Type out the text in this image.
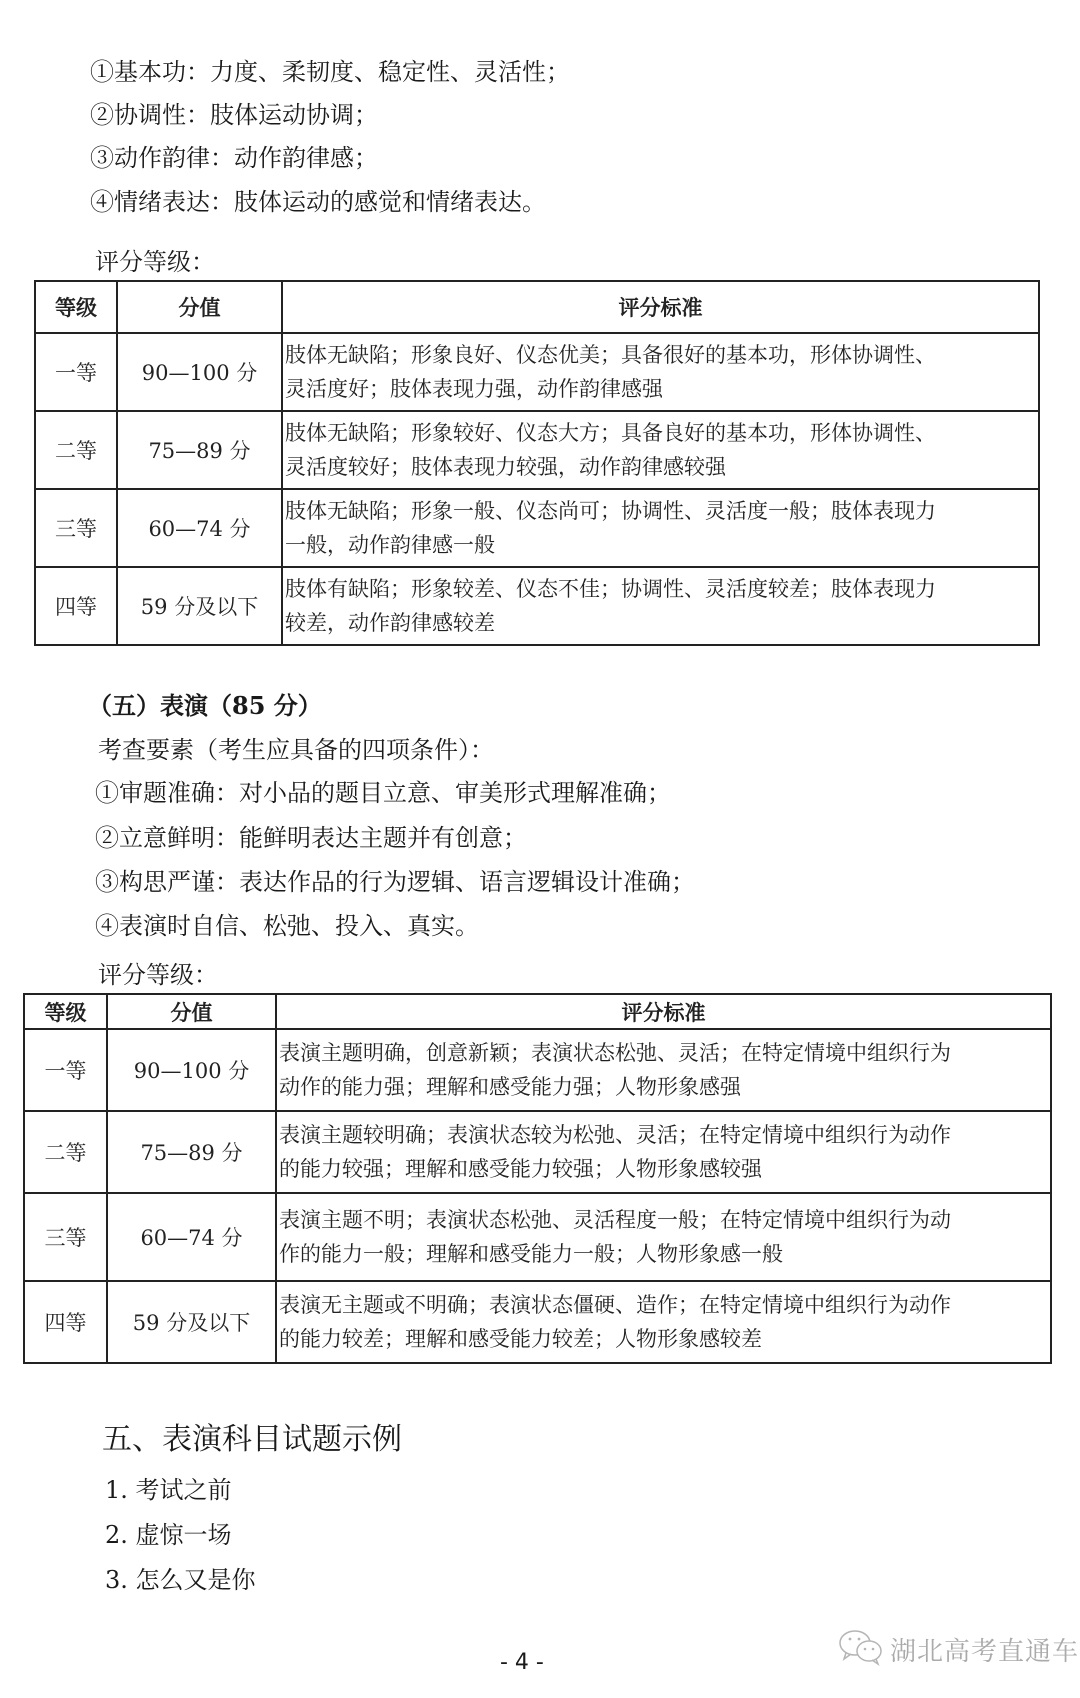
①基本功：力度、柔韧度、稳定性、灵活性；
②协调性：肢体运动协调；
③动作韵律：动作韵律感；
④情绪表达：肢体运动的感觉和情绪表达。
评分等级：
等级	分值	评分标准
一等	90—100 分	肢体无缺陷；形象良好、仪态优美；具备很好的基本功，形体协调性、
灵活度好；肢体表现力强，动作韵律感强
二等	75—89 分	肢体无缺陷；形象较好、仪态大方；具备良好的基本功，形体协调性、
灵活度较好；肢体表现力较强，动作韵律感较强
三等	60—74 分	肢体无缺陷；形象一般、仪态尚可；协调性、灵活度一般；肢体表现力
一般，动作韵律感一般
四等	59 分及以下	肢体有缺陷；形象较差、仪态不佳；协调性、灵活度较差；肢体表现力
较差，动作韵律感较差
（五）表演（85 分）
考查要素（考生应具备的四项条件）：
①审题准确：对小品的题目立意、审美形式理解准确；
②立意鲜明：能鲜明表达主题并有创意；
③构思严谨：表达作品的行为逻辑、语言逻辑设计准确；
④表演时自信、松弛、投入、真实。
评分等级：
等级	分值	评分标准
一等	90—100 分	表演主题明确，创意新颖；表演状态松弛、灵活；在特定情境中组织行为
动作的能力强；理解和感受能力强；人物形象感强
二等	75—89 分	表演主题较明确；表演状态较为松弛、灵活；在特定情境中组织行为动作
的能力较强；理解和感受能力较强；人物形象感较强
三等	60—74 分	表演主题不明；表演状态松弛、灵活程度一般；在特定情境中组织行为动
作的能力一般；理解和感受能力一般；人物形象感一般
四等	59 分及以下	表演无主题或不明确；表演状态僵硬、造作；在特定情境中组织行为动作
的能力较差；理解和感受能力较差；人物形象感较差
五、表演科目试题示例
1. 考试之前
2. 虚惊一场
3. 怎么又是你
- 4 -	湖北高考直通车
